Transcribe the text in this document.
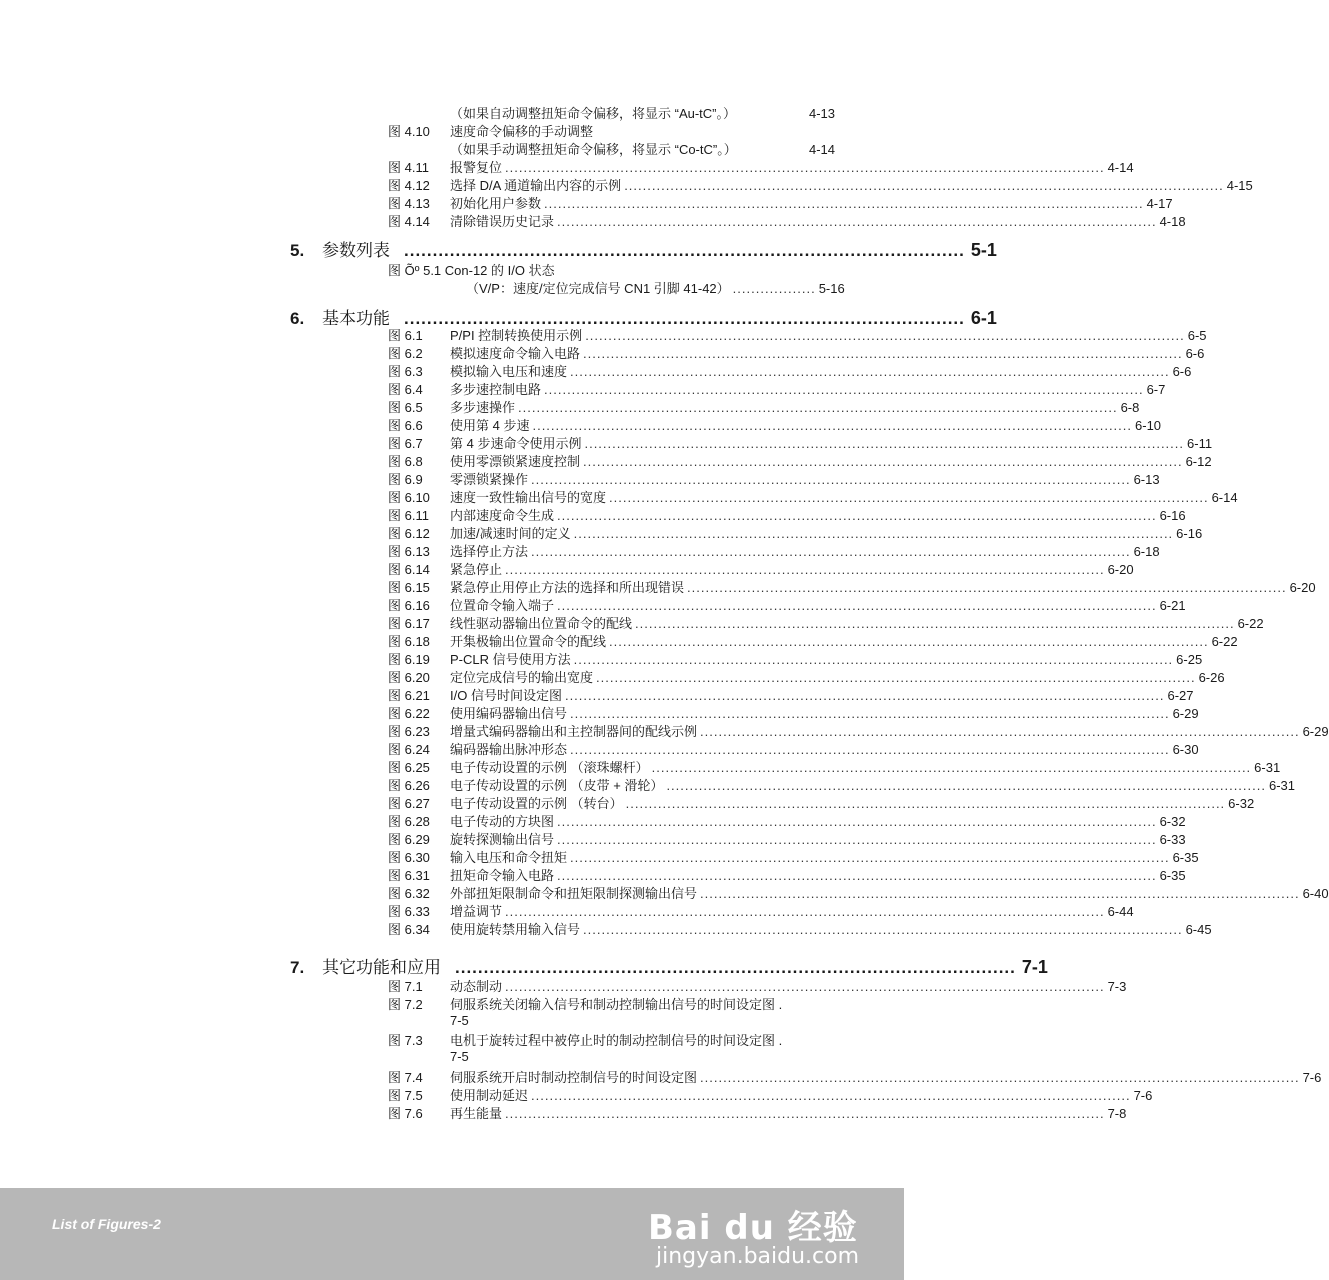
（如果自动调整扭矩命令偏移，将显示 “Au-tC”。）	4-13
图 4.10	速度命令偏移的手动调整
（如果手动调整扭矩命令偏移，将显示 “Co-tC”。）	4-14
图 4.11	报警复位 .................................................................................................................................. 4-14
图 4.12	选择 D/A 通道输出内容的示例 .................................................................................................................................. 4-15
图 4.13	初始化用户参数 .................................................................................................................................. 4-17
图 4.14	清除错误历史记录 .................................................................................................................................. 4-18
5.	参数列表 .................................................................................................. 5-1
图 Õº 5.1 Con-12 的 I/O 状态
（V/P：速度/定位完成信号 CN1 引脚 41-42） .................. 5-16
6.	基本功能 .................................................................................................. 6-1
图 6.1	P/PI 控制转换使用示例 .................................................................................................................................. 6-5
图 6.2	模拟速度命令输入电路 .................................................................................................................................. 6-6
图 6.3	模拟输入电压和速度 .................................................................................................................................. 6-6
图 6.4	多步速控制电路 .................................................................................................................................. 6-7
图 6.5	多步速操作 .................................................................................................................................. 6-8
图 6.6	使用第 4 步速 .................................................................................................................................. 6-10
图 6.7	第 4 步速命令使用示例 .................................................................................................................................. 6-11
图 6.8	使用零漂锁紧速度控制 .................................................................................................................................. 6-12
图 6.9	零漂锁紧操作 .................................................................................................................................. 6-13
图 6.10	速度一致性输出信号的宽度 .................................................................................................................................. 6-14
图 6.11	内部速度命令生成 .................................................................................................................................. 6-16
图 6.12	加速/减速时间的定义 .................................................................................................................................. 6-16
图 6.13	选择停止方法 .................................................................................................................................. 6-18
图 6.14	紧急停止 .................................................................................................................................. 6-20
图 6.15	紧急停止用停止方法的选择和所出现错误 .................................................................................................................................. 6-20
图 6.16	位置命令输入端子 .................................................................................................................................. 6-21
图 6.17	线性驱动器输出位置命令的配线 .................................................................................................................................. 6-22
图 6.18	开集极输出位置命令的配线 .................................................................................................................................. 6-22
图 6.19	P-CLR 信号使用方法 .................................................................................................................................. 6-25
图 6.20	定位完成信号的输出宽度 .................................................................................................................................. 6-26
图 6.21	I/O 信号时间设定图 .................................................................................................................................. 6-27
图 6.22	使用编码器输出信号 .................................................................................................................................. 6-29
图 6.23	增量式编码器输出和主控制器间的配线示例 .................................................................................................................................. 6-29
图 6.24	编码器输出脉冲形态 .................................................................................................................................. 6-30
图 6.25	电子传动设置的示例 （滚珠螺杆） .................................................................................................................................. 6-31
图 6.26	电子传动设置的示例 （皮带 + 滑轮） .................................................................................................................................. 6-31
图 6.27	电子传动设置的示例 （转台） .................................................................................................................................. 6-32
图 6.28	电子传动的方块图 .................................................................................................................................. 6-32
图 6.29	旋转探测输出信号 .................................................................................................................................. 6-33
图 6.30	输入电压和命令扭矩 .................................................................................................................................. 6-35
图 6.31	扭矩命令输入电路 .................................................................................................................................. 6-35
图 6.32	外部扭矩限制命令和扭矩限制探测输出信号 .................................................................................................................................. 6-40
图 6.33	增益调节 .................................................................................................................................. 6-44
图 6.34	使用旋转禁用输入信号 .................................................................................................................................. 6-45
7.	其它功能和应用 .................................................................................................. 7-1
图 7.1	动态制动 .................................................................................................................................. 7-3
图 7.2	伺服系统关闭输入信号和制动控制输出信号的时间设定图 .
7-5
图 7.3	电机于旋转过程中被停止时的制动控制信号的时间设定图 .
7-5
图 7.4	伺服系统开启时制动控制信号的时间设定图 .................................................................................................................................. 7-6
图 7.5	使用制动延迟 .................................................................................................................................. 7-6
图 7.6	再生能量 .................................................................................................................................. 7-8
List of Figures-2	Bai du 经验
jingyan.baidu.com
